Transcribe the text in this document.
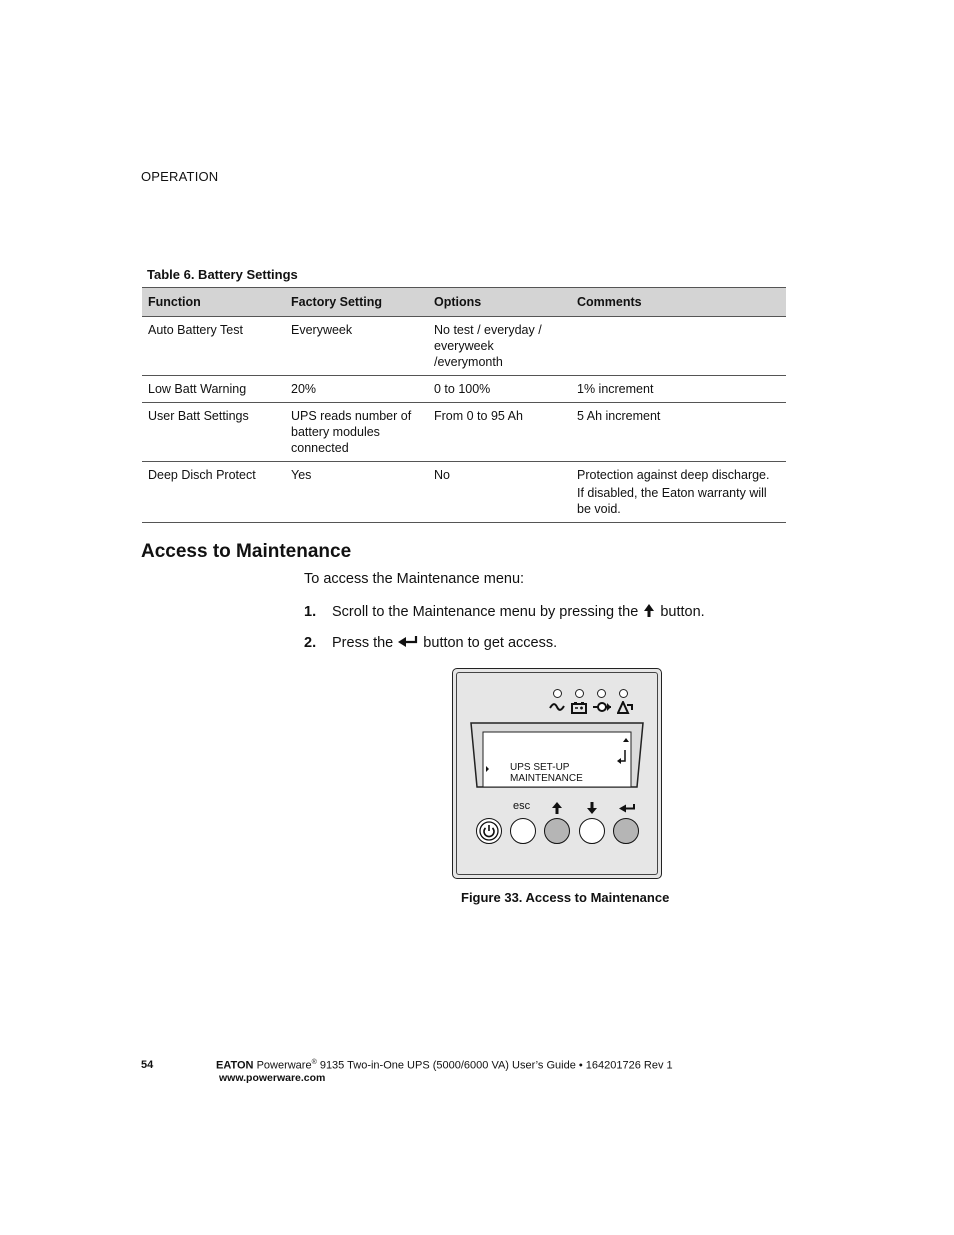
OPERATION
Table 6. Battery Settings
Function	Factory Setting	Options	Comments
Auto Battery Test	Everyweek	No test / everyday / everyweek /everymonth	

Low Batt Warning	20%	0 to 100%	1% increment

User Batt Settings	UPS reads number of battery modules connected	From 0 to 95 Ah	5 Ah increment

Deep Disch Protect	Yes	No	Protection against deep discharge.
If disabled, the Eaton warranty will be void.
Access to Maintenance
To access the Maintenance menu:
1. Scroll to the Maintenance menu by pressing the  button.
2. Press the  button to get access.
UPS SET-UP
MAINTENANCE
esc
Figure 33. Access to Maintenance
54	EATON Powerware® 9135 Two-in-One UPS (5000/6000 VA) User’s Guide • 164201726 Rev 1
www.powerware.com
